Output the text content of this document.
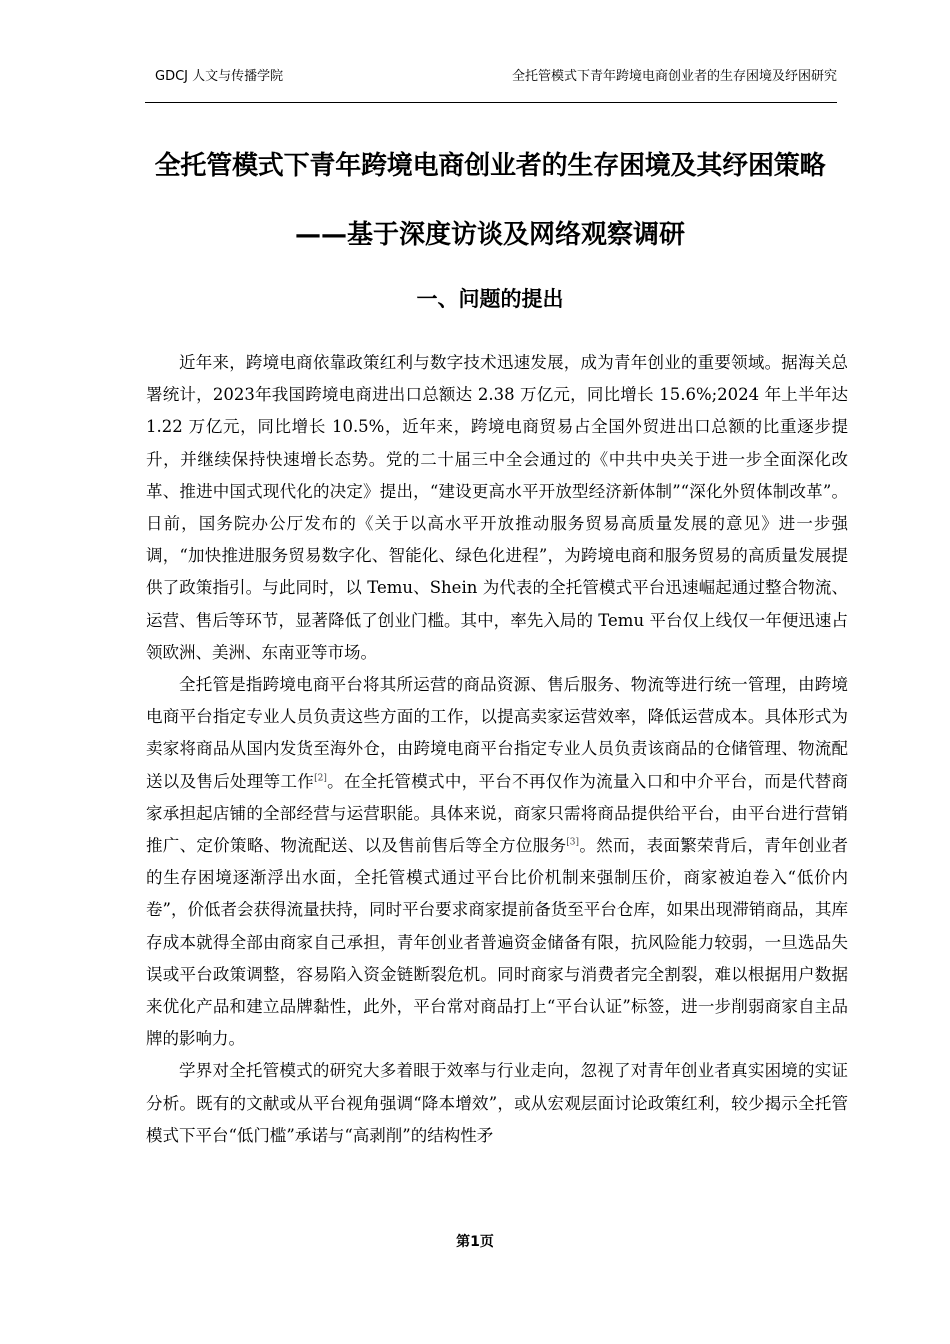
GDCJ 人文与传播学院	全托管模式下青年跨境电商创业者的生存困境及纾困研究
全托管模式下青年跨境电商创业者的生存困境及其纾困策略
——基于深度访谈及网络观察调研
一、问题的提出

近年来，跨境电商依靠政策红利与数字技术迅速发展，成为青年创业的重要领域。据海关总署统计，2023年我国跨境电商进出口总额达 2.38 万亿元，同比增长 15.6%;2024 年上半年达 1.22 万亿元，同比增长 10.5%，近年来，跨境电商贸易占全国外贸进出口总额的比重逐步提升，并继续保持快速增长态势。党的二十届三中全会通过的《中共中央关于进一步全面深化改革、推进中国式现代化的决定》提出，“建设更高水平开放型经济新体制”“深化外贸体制改革”。日前，国务院办公厅发布的《关于以高水平开放推动服务贸易高质量发展的意见》进一步强调，“加快推进服务贸易数字化、智能化、绿色化进程”，为跨境电商和服务贸易的高质量发展提供了政策指引。与此同时，以 Temu、Shein 为代表的全托管模式平台迅速崛起通过整合物流、运营、售后等环节，显著降低了创业门槛。其中，率先入局的 Temu 平台仅上线仅一年便迅速占领欧洲、美洲、东南亚等市场。

全托管是指跨境电商平台将其所运营的商品资源、售后服务、物流等进行统一管理，由跨境电商平台指定专业人员负责这些方面的工作，以提高卖家运营效率，降低运营成本。具体形式为卖家将商品从国内发货至海外仓，由跨境电商平台指定专业人员负责该商品的仓储管理、物流配送以及售后处理等工作[2]。在全托管模式中，平台不再仅作为流量入口和中介平台，而是代替商家承担起店铺的全部经营与运营职能。具体来说，商家只需将商品提供给平台，由平台进行营销推广、定价策略、物流配送、以及售前售后等全方位服务[3]。然而，表面繁荣背后，青年创业者的生存困境逐渐浮出水面，全托管模式通过平台比价机制来强制压价，商家被迫卷入“低价内卷”，价低者会获得流量扶持，同时平台要求商家提前备货至平台仓库，如果出现滞销商品，其库存成本就得全部由商家自己承担，青年创业者普遍资金储备有限，抗风险能力较弱，一旦选品失误或平台政策调整，容易陷入资金链断裂危机。同时商家与消费者完全割裂，难以根据用户数据来优化产品和建立品牌黏性，此外，平台常对商品打上“平台认证”标签，进一步削弱商家自主品牌的影响力。

学界对全托管模式的研究大多着眼于效率与行业走向，忽视了对青年创业者真实困境的实证分析。既有的文献或从平台视角强调“降本增效”，或从宏观层面讨论政策红利，较少揭示全托管模式下平台“低门槛”承诺与“高剥削”的结构性矛

第1页
